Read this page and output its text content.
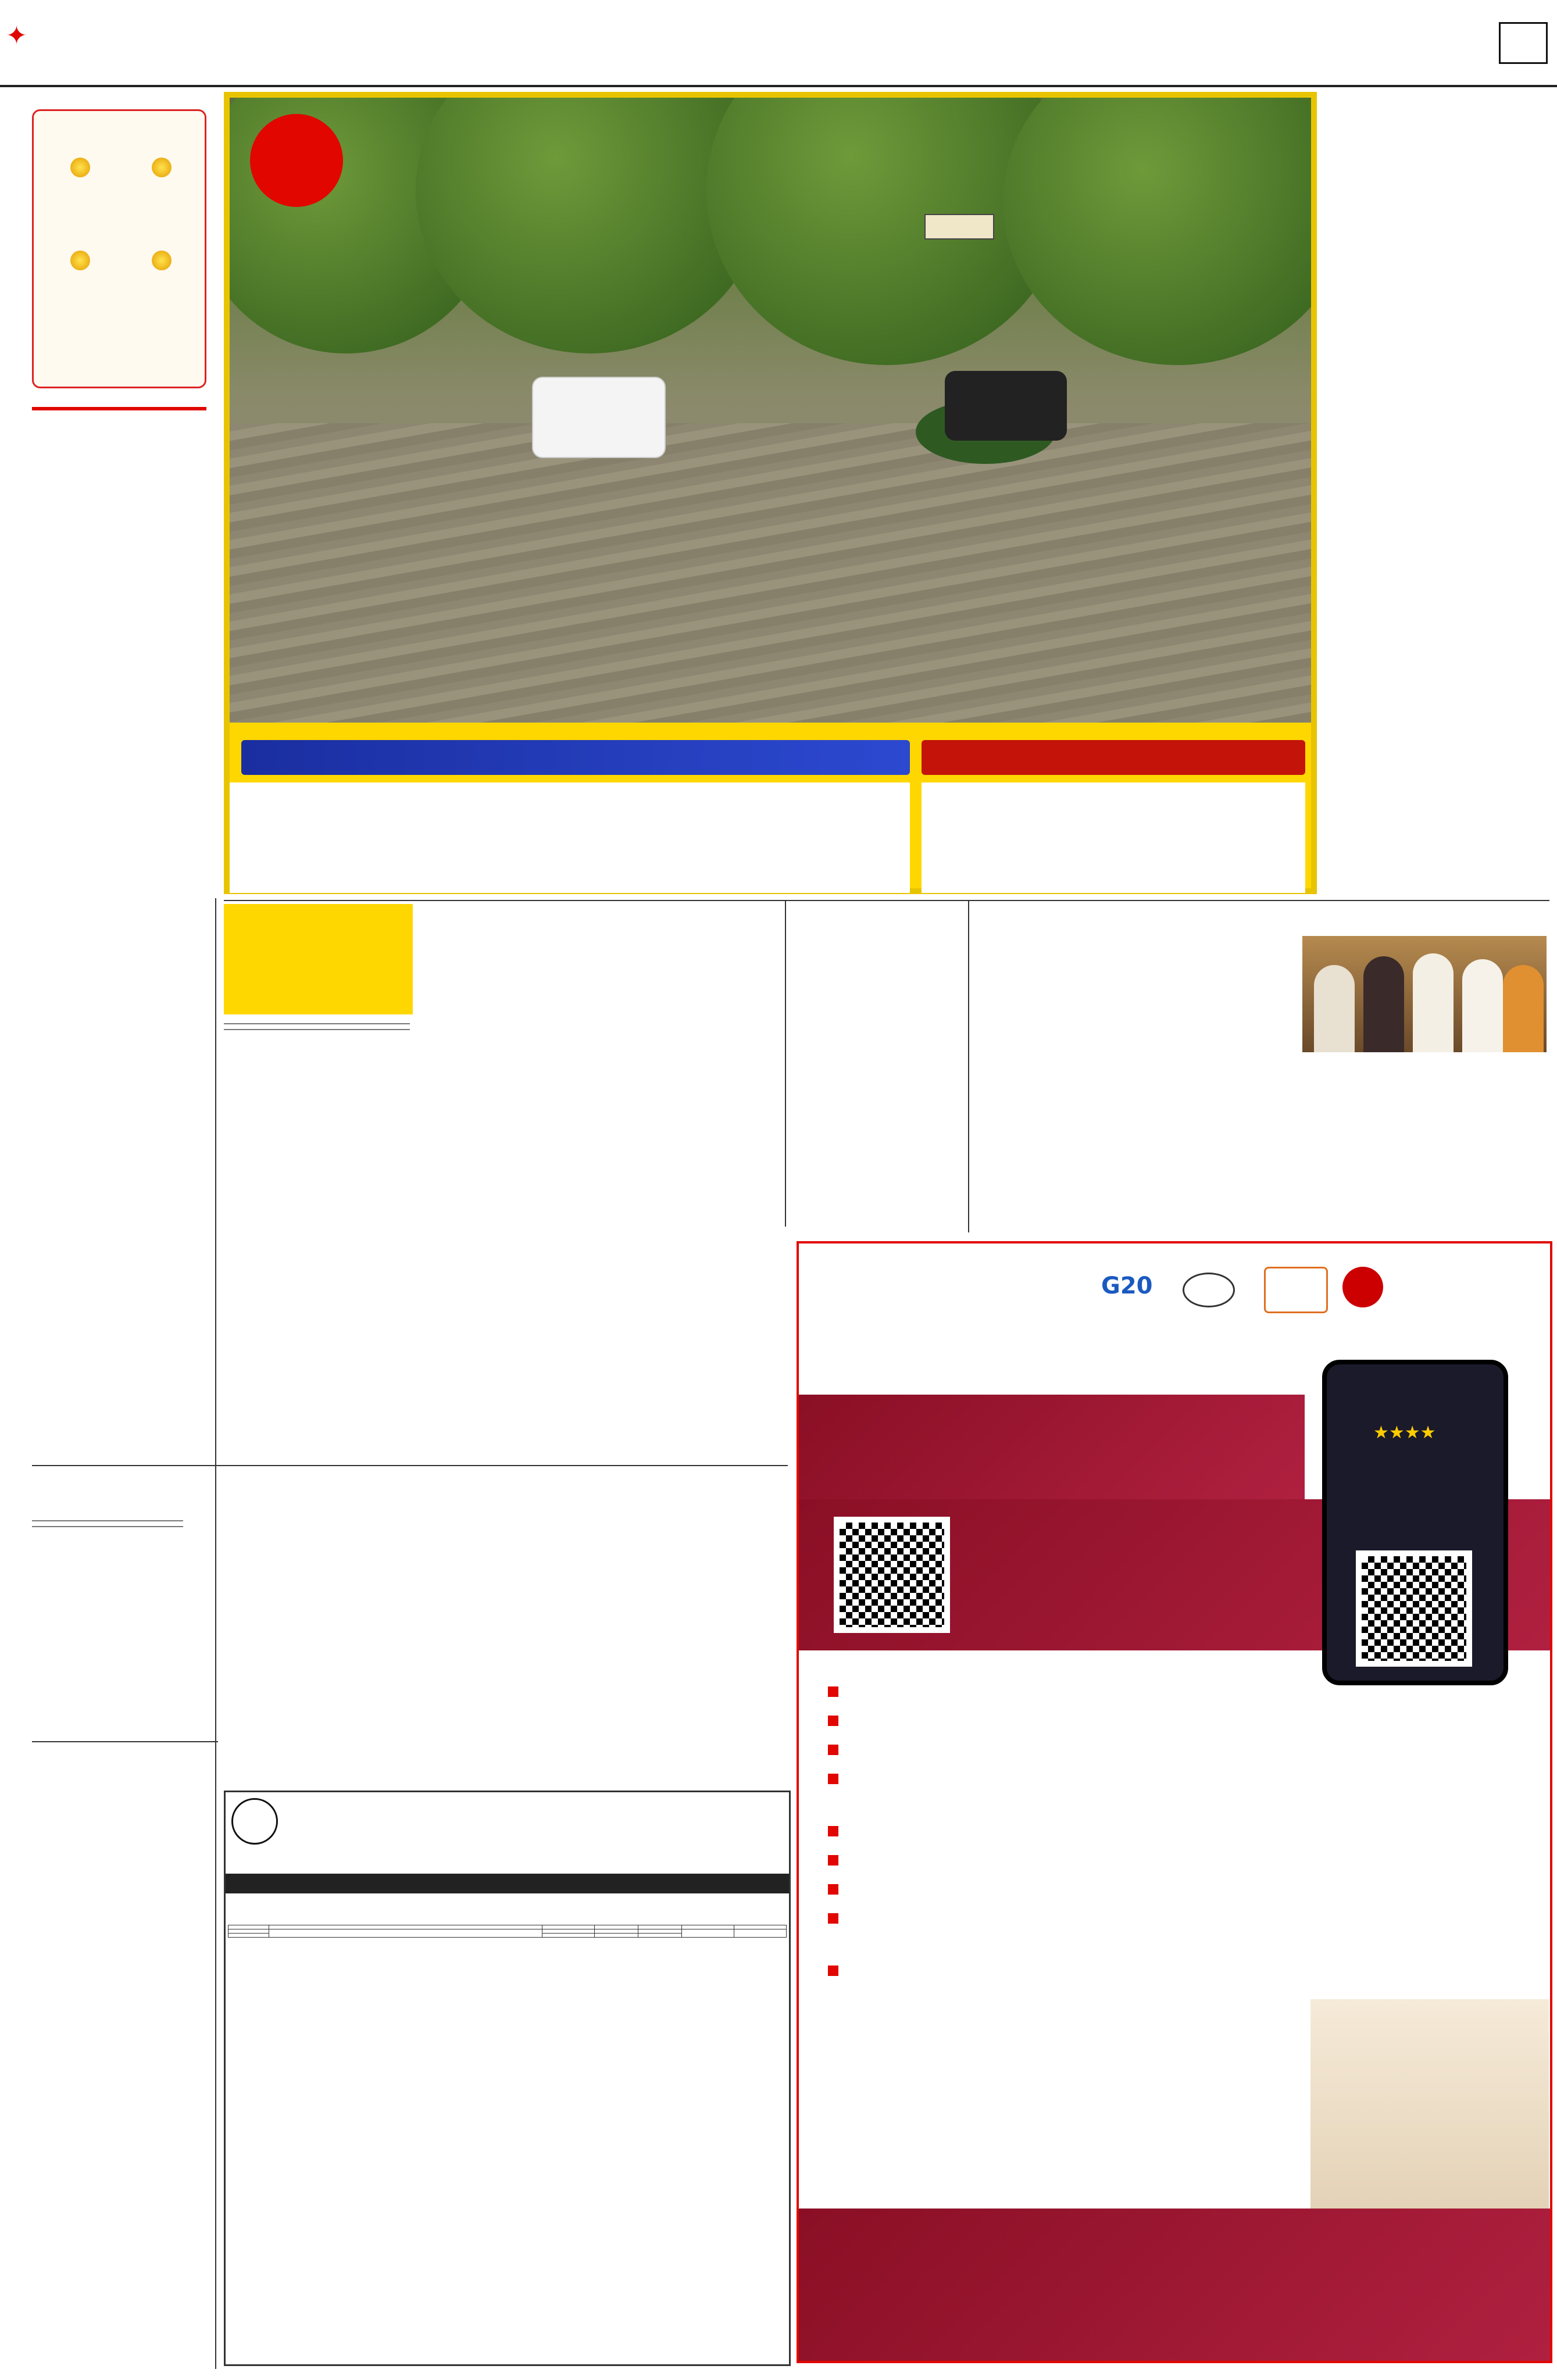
✦

G20
★★★★
